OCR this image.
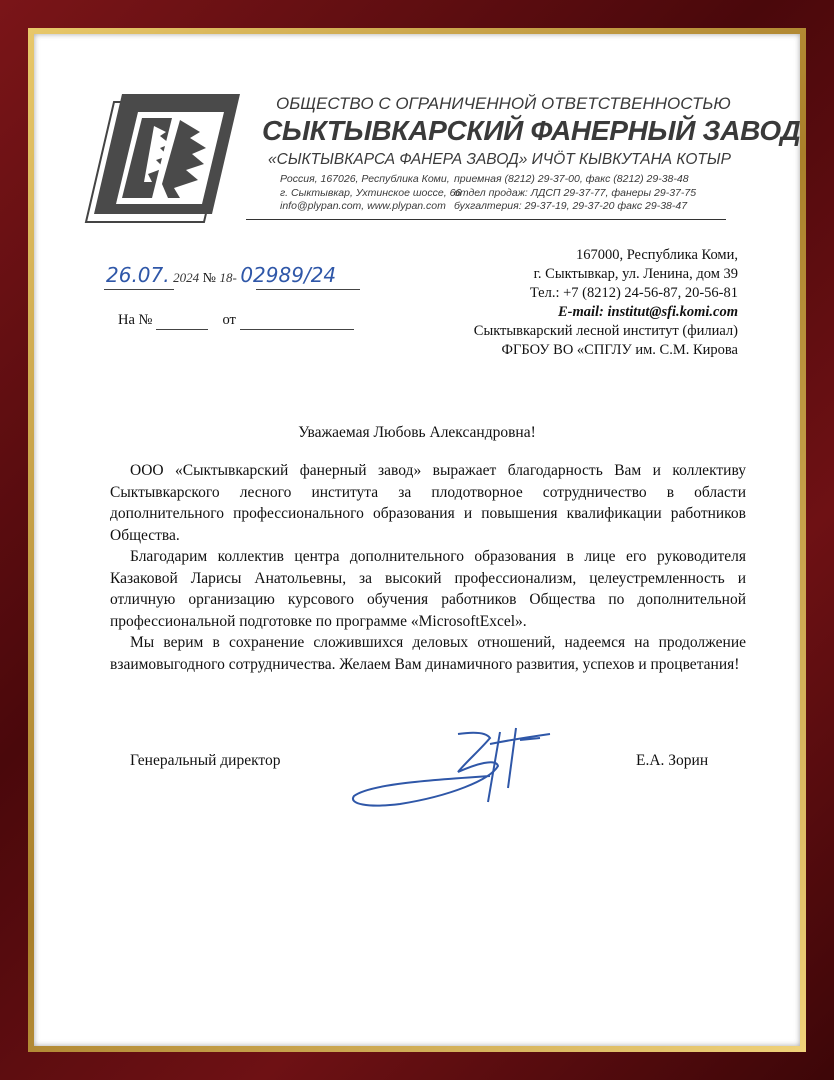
ОБЩЕСТВО С ОГРАНИЧЕННОЙ ОТВЕТСТВЕННОСТЬЮ
СЫКТЫВКАРСКИЙ ФАНЕРНЫЙ ЗАВОД
«СЫКТЫВКАРСА ФАНЕРА ЗАВОД» ИЧӦТ КЫВКУТАНА КОТЫР
Россия, 167026, Республика Коми,
г. Сыктывкар, Ухтинское шоссе, 66
info@plypan.com, www.plypan.com
приемная (8212) 29-37-00, факс (8212) 29-38-48
отдел продаж: ЛДСП 29-37-77, фанеры 29-37-75
бухгалтерия: 29-37-19, 29-37-20 факс 29-38-47
167000, Республика Коми,
г. Сыктывкар, ул. Ленина, дом 39
Тел.: +7 (8212) 24-56-87, 20-56-81
E-mail: institut@sfi.komi.com
Сыктывкарский лесной институт (филиал)
ФГБОУ ВО «СПГЛУ им. С.М. Кирова
26.07. 2024 № 18- 02989/24
На №	от
Уважаемая Любовь Александровна!

ООО «Сыктывкарский фанерный завод» выражает благодарность Вам и коллективу Сыктывкарского лесного института за плодотворное сотрудничество в области дополнительного профессионального образования и повышения квалификации работников Общества.

Благодарим коллектив центра дополнительного образования в лице его руководителя Казаковой Ларисы Анатольевны, за высокий профессионализм, целеустремленность и отличную организацию курсового обучения работников Общества по дополнительной профессиональной подготовке по программе «MicrosoftExcel».

Мы верим в сохранение сложившихся деловых отношений, надеемся на продолжение взаимовыгодного сотрудничества. Желаем Вам динамичного развития, успехов и процветания!

Генеральный директор	Е.А. Зорин
